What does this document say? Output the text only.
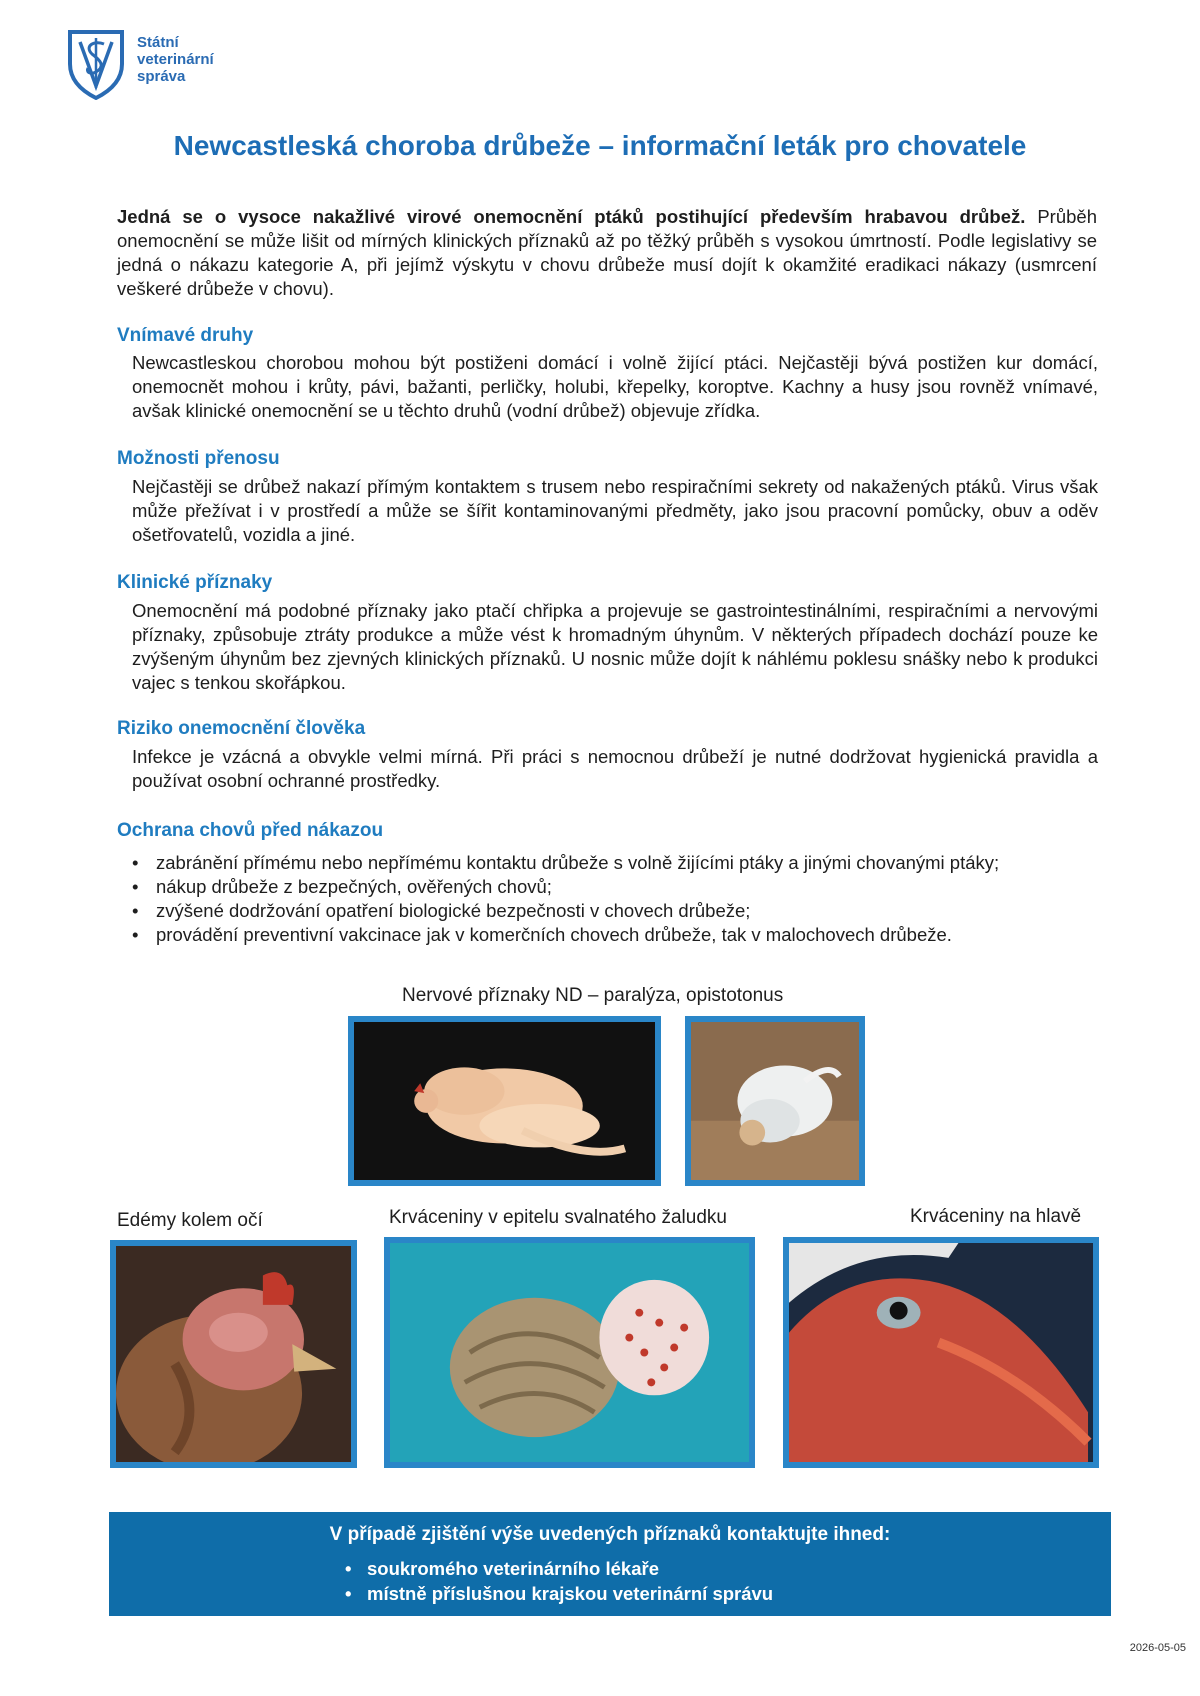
Státní
veterinární
správa
Newcastleská choroba drůbeže – informační leták pro chovatele
Jedná se o vysoce nakažlivé virové onemocnění ptáků postihující především hrabavou drůbež. Průběh onemocnění se může lišit od mírných klinických příznaků až po těžký průběh s vysokou úmrtností. Podle legislativy se jedná o nákazu kategorie A, při jejímž výskytu v chovu drůbeže musí dojít k okamžité eradikaci nákazy (usmrcení veškeré drůbeže v chovu).
Vnímavé druhy
Newcastleskou chorobou mohou být postiženi domácí i volně žijící ptáci. Nejčastěji bývá postižen kur domácí, onemocnět mohou i krůty, pávi, bažanti, perličky, holubi, křepelky, koroptve. Kachny a husy jsou rovněž vnímavé, avšak klinické onemocnění se u těchto druhů (vodní drůbež) objevuje zřídka.
Možnosti přenosu
Nejčastěji se drůbež nakazí přímým kontaktem s trusem nebo respiračními sekrety od nakažených ptáků. Virus však může přežívat i v prostředí a může se šířit kontaminovanými předměty, jako jsou pracovní pomůcky, obuv a oděv ošetřovatelů, vozidla a jiné.
Klinické příznaky
Onemocnění má podobné příznaky jako ptačí chřipka a projevuje se gastrointestinálními, respiračními a nervovými příznaky, způsobuje ztráty produkce a může vést k hromadným úhynům. V některých případech dochází pouze ke zvýšeným úhynům bez zjevných klinických příznaků. U nosnic může dojít k náhlému poklesu snášky nebo k produkci vajec s tenkou skořápkou.
Riziko onemocnění člověka
Infekce je vzácná a obvykle velmi mírná. Při práci s nemocnou drůbeží je nutné dodržovat hygienická pravidla a používat osobní ochranné prostředky.
Ochrana chovů před nákazou
• zabránění přímému nebo nepřímému kontaktu drůbeže s volně žijícími ptáky a jinými chovanými ptáky;
• nákup drůbeže z bezpečných, ověřených chovů;
• zvýšené dodržování opatření biologické bezpečnosti v chovech drůbeže;
• provádění preventivní vakcinace jak v komerčních chovech drůbeže, tak v malochovech drůbeže.
Nervové příznaky ND – paralýza, opistotonus
Edémy kolem očí	Krváceniny v epitelu svalnatého žaludku	Krváceniny na hlavě
V případě zjištění výše uvedených příznaků kontaktujte ihned:
• soukromého veterinárního lékaře
• místně příslušnou krajskou veterinární správu
2026-05-05
